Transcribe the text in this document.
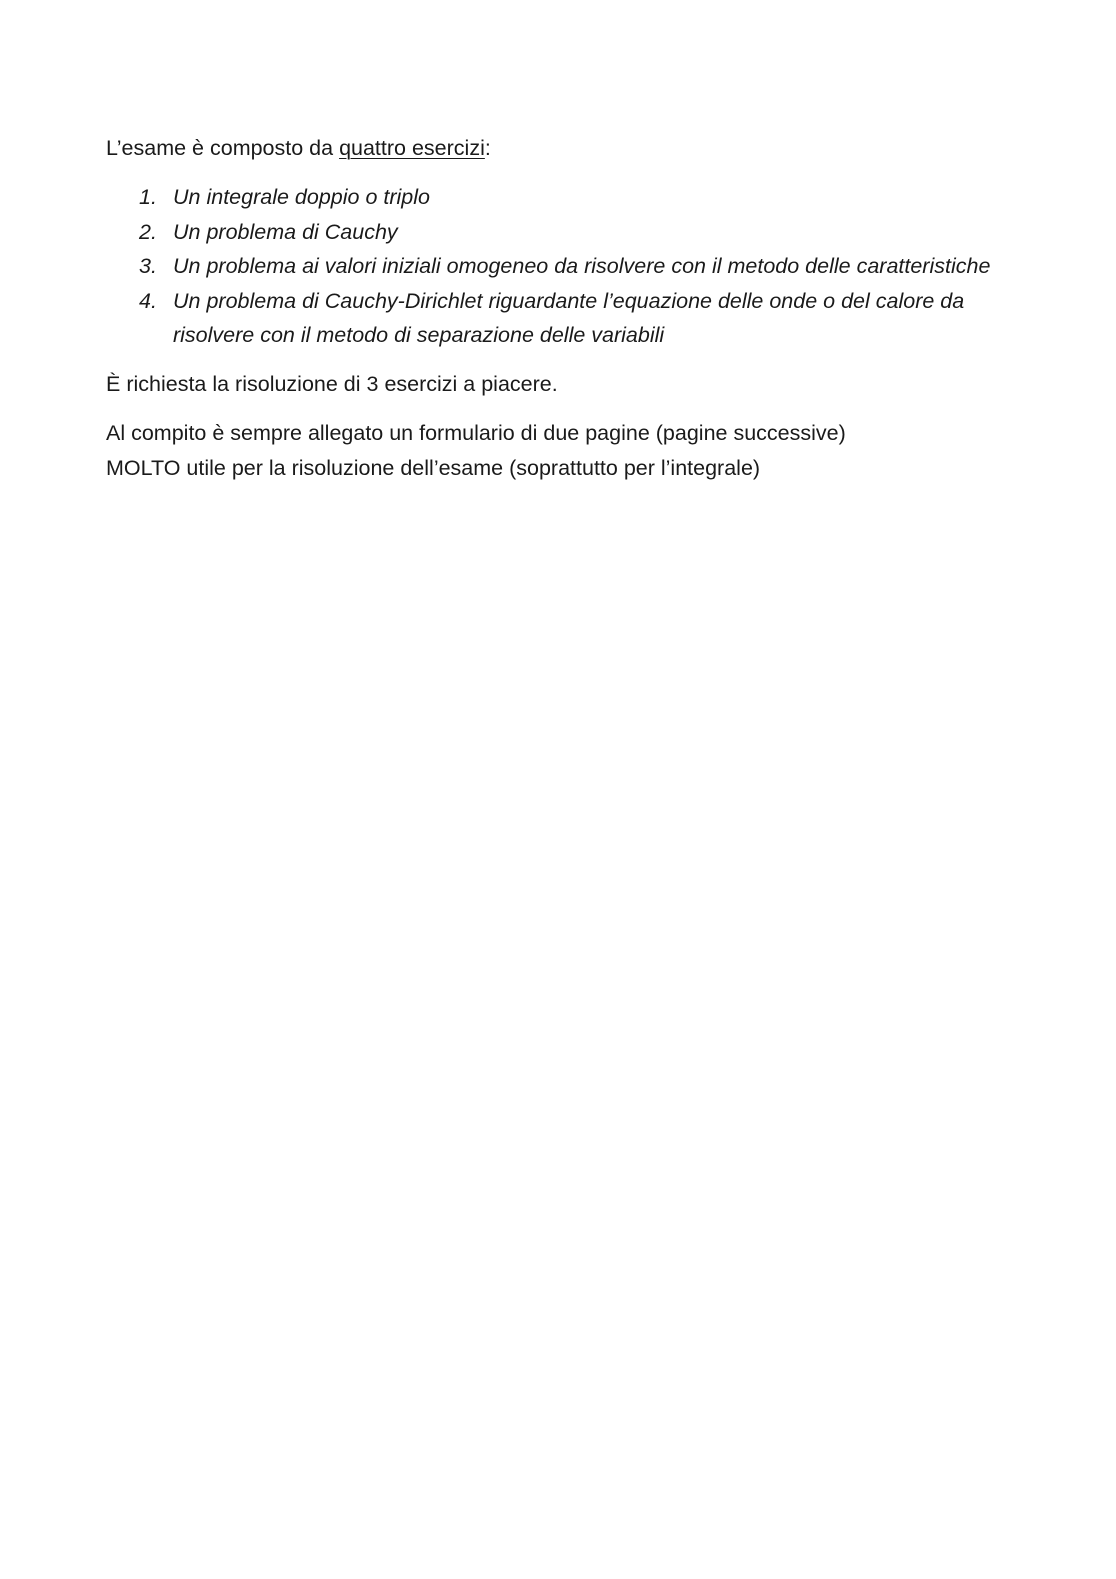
L’esame è composto da quattro esercizi:

1. Un integrale doppio o triplo
2. Un problema di Cauchy
3. Un problema ai valori iniziali omogeneo da risolvere con il metodo delle caratteristiche
4. Un problema di Cauchy-Dirichlet riguardante l’equazione delle onde o del calore da risolvere con il metodo di separazione delle variabili

È richiesta la risoluzione di 3 esercizi a piacere.

Al compito è sempre allegato un formulario di due pagine (pagine successive)
MOLTO utile per la risoluzione dell’esame (soprattutto per l’integrale)
